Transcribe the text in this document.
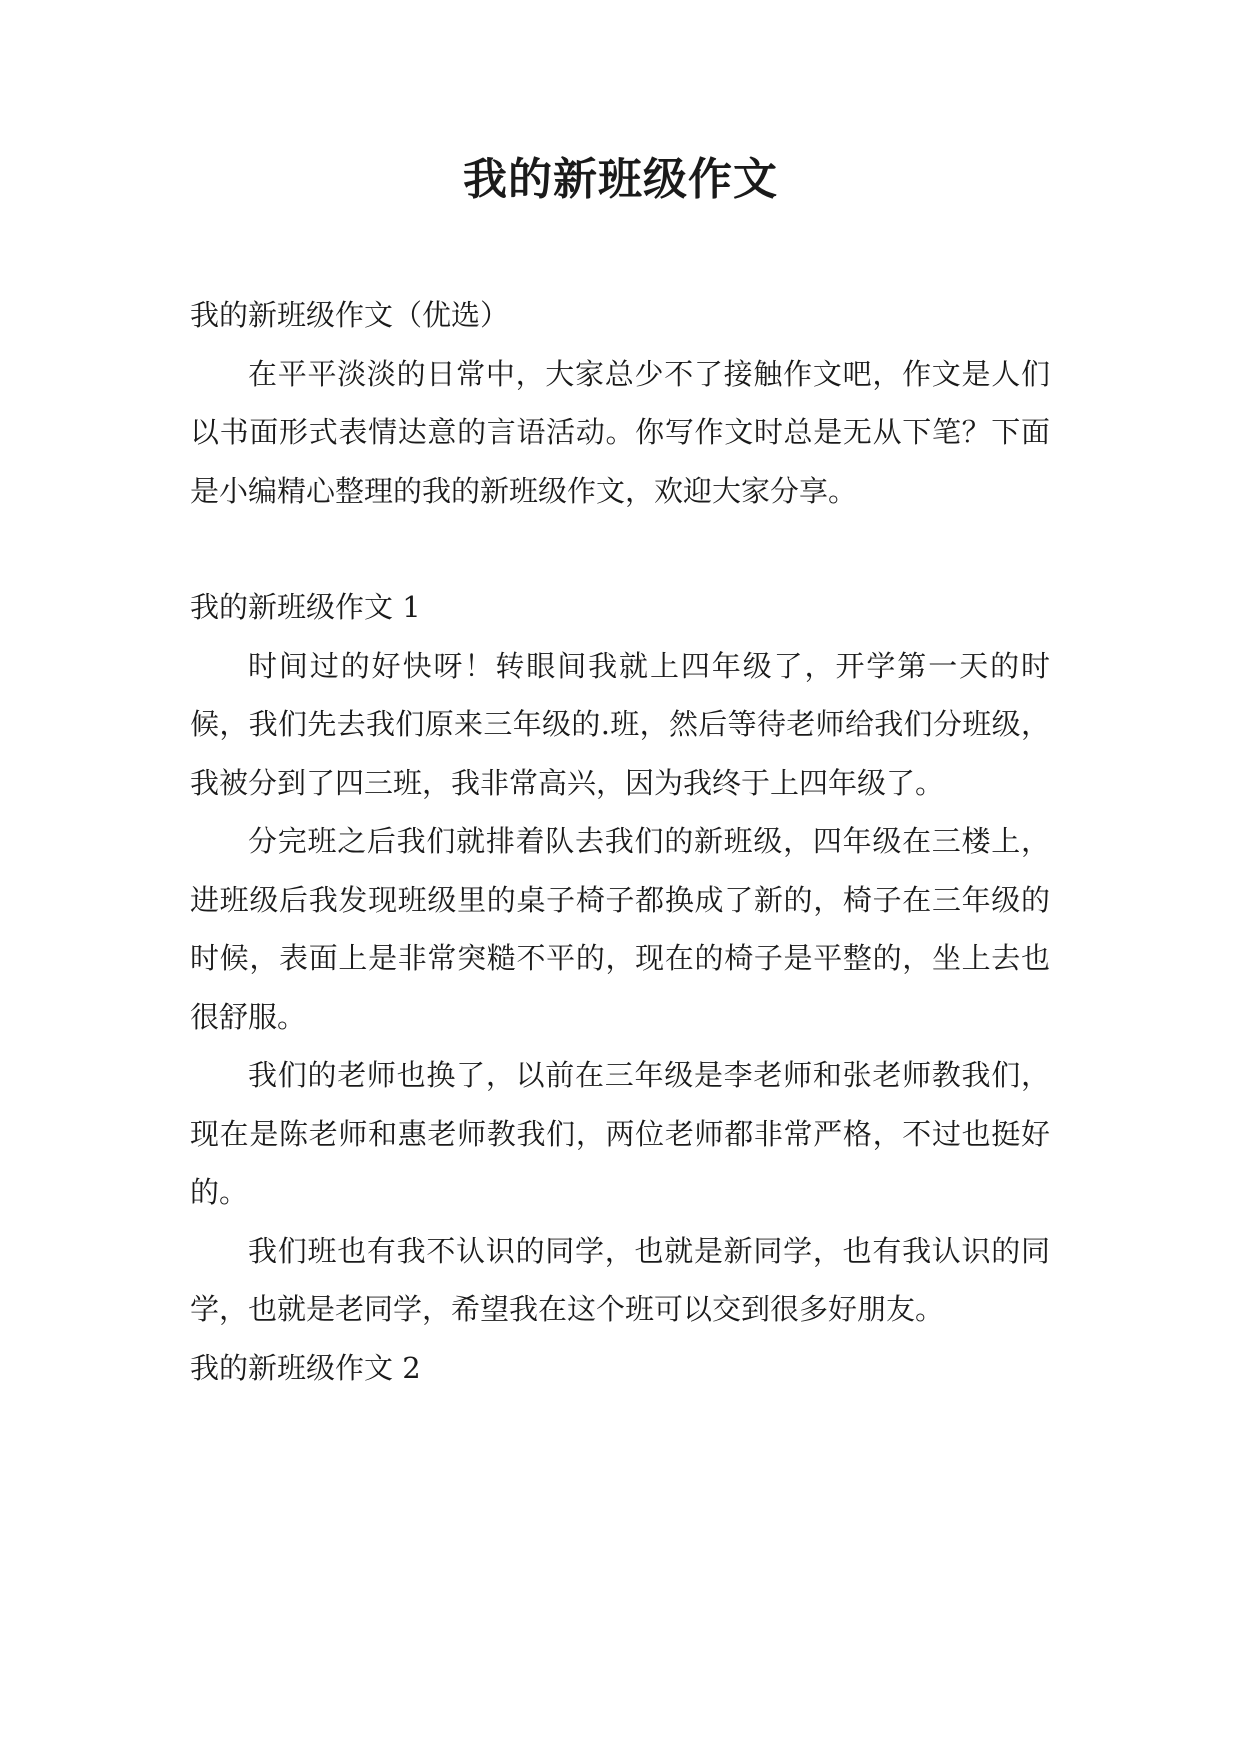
我的新班级作文

我的新班级作文（优选）

在平平淡淡的日常中，大家总少不了接触作文吧，作文是人们以书面形式表情达意的言语活动。你写作文时总是无从下笔？下面是小编精心整理的我的新班级作文，欢迎大家分享。

我的新班级作文 1

时间过的好快呀！转眼间我就上四年级了，开学第一天的时候，我们先去我们原来三年级的.班，然后等待老师给我们分班级，我被分到了四三班，我非常高兴，因为我终于上四年级了。

分完班之后我们就排着队去我们的新班级，四年级在三楼上，进班级后我发现班级里的桌子椅子都换成了新的，椅子在三年级的时候，表面上是非常突糙不平的，现在的椅子是平整的，坐上去也很舒服。

我们的老师也换了，以前在三年级是李老师和张老师教我们，现在是陈老师和惠老师教我们，两位老师都非常严格，不过也挺好的。

我们班也有我不认识的同学，也就是新同学，也有我认识的同学，也就是老同学，希望我在这个班可以交到很多好朋友。

我的新班级作文 2
